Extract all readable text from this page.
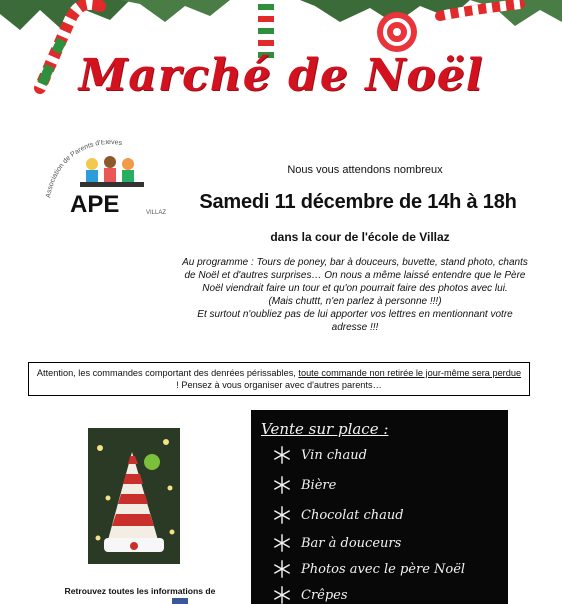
Marché de Noël
Association de Parents d'Élèves
APE	VILLAZ
Nous vous attendons nombreux
Samedi 11 décembre de 14h à 18h
dans la cour de l'école de Villaz

Au programme : Tours de poney, bar à douceurs, buvette, stand photo, chants de Noël et d'autres surprises… On nous a même laissé entendre que le Père Noël viendrait faire un tour et qu'on pourrait faire des photos avec lui.

(Mais chuttt, n'en parlez à personne !!!)

Et surtout n'oubliez pas de lui apporter vos lettres en mentionnant votre adresse !!!

Attention, les commandes comportant des denrées périssables, toute commande non retirée le jour-même sera perdue ! Pensez à vous organiser avec d'autres parents…
Retrouvez toutes les informations de
Vente sur place :
Vin chaud
Bière
Chocolat chaud
Bar à douceurs
Photos avec le père Noël
Crêpes
